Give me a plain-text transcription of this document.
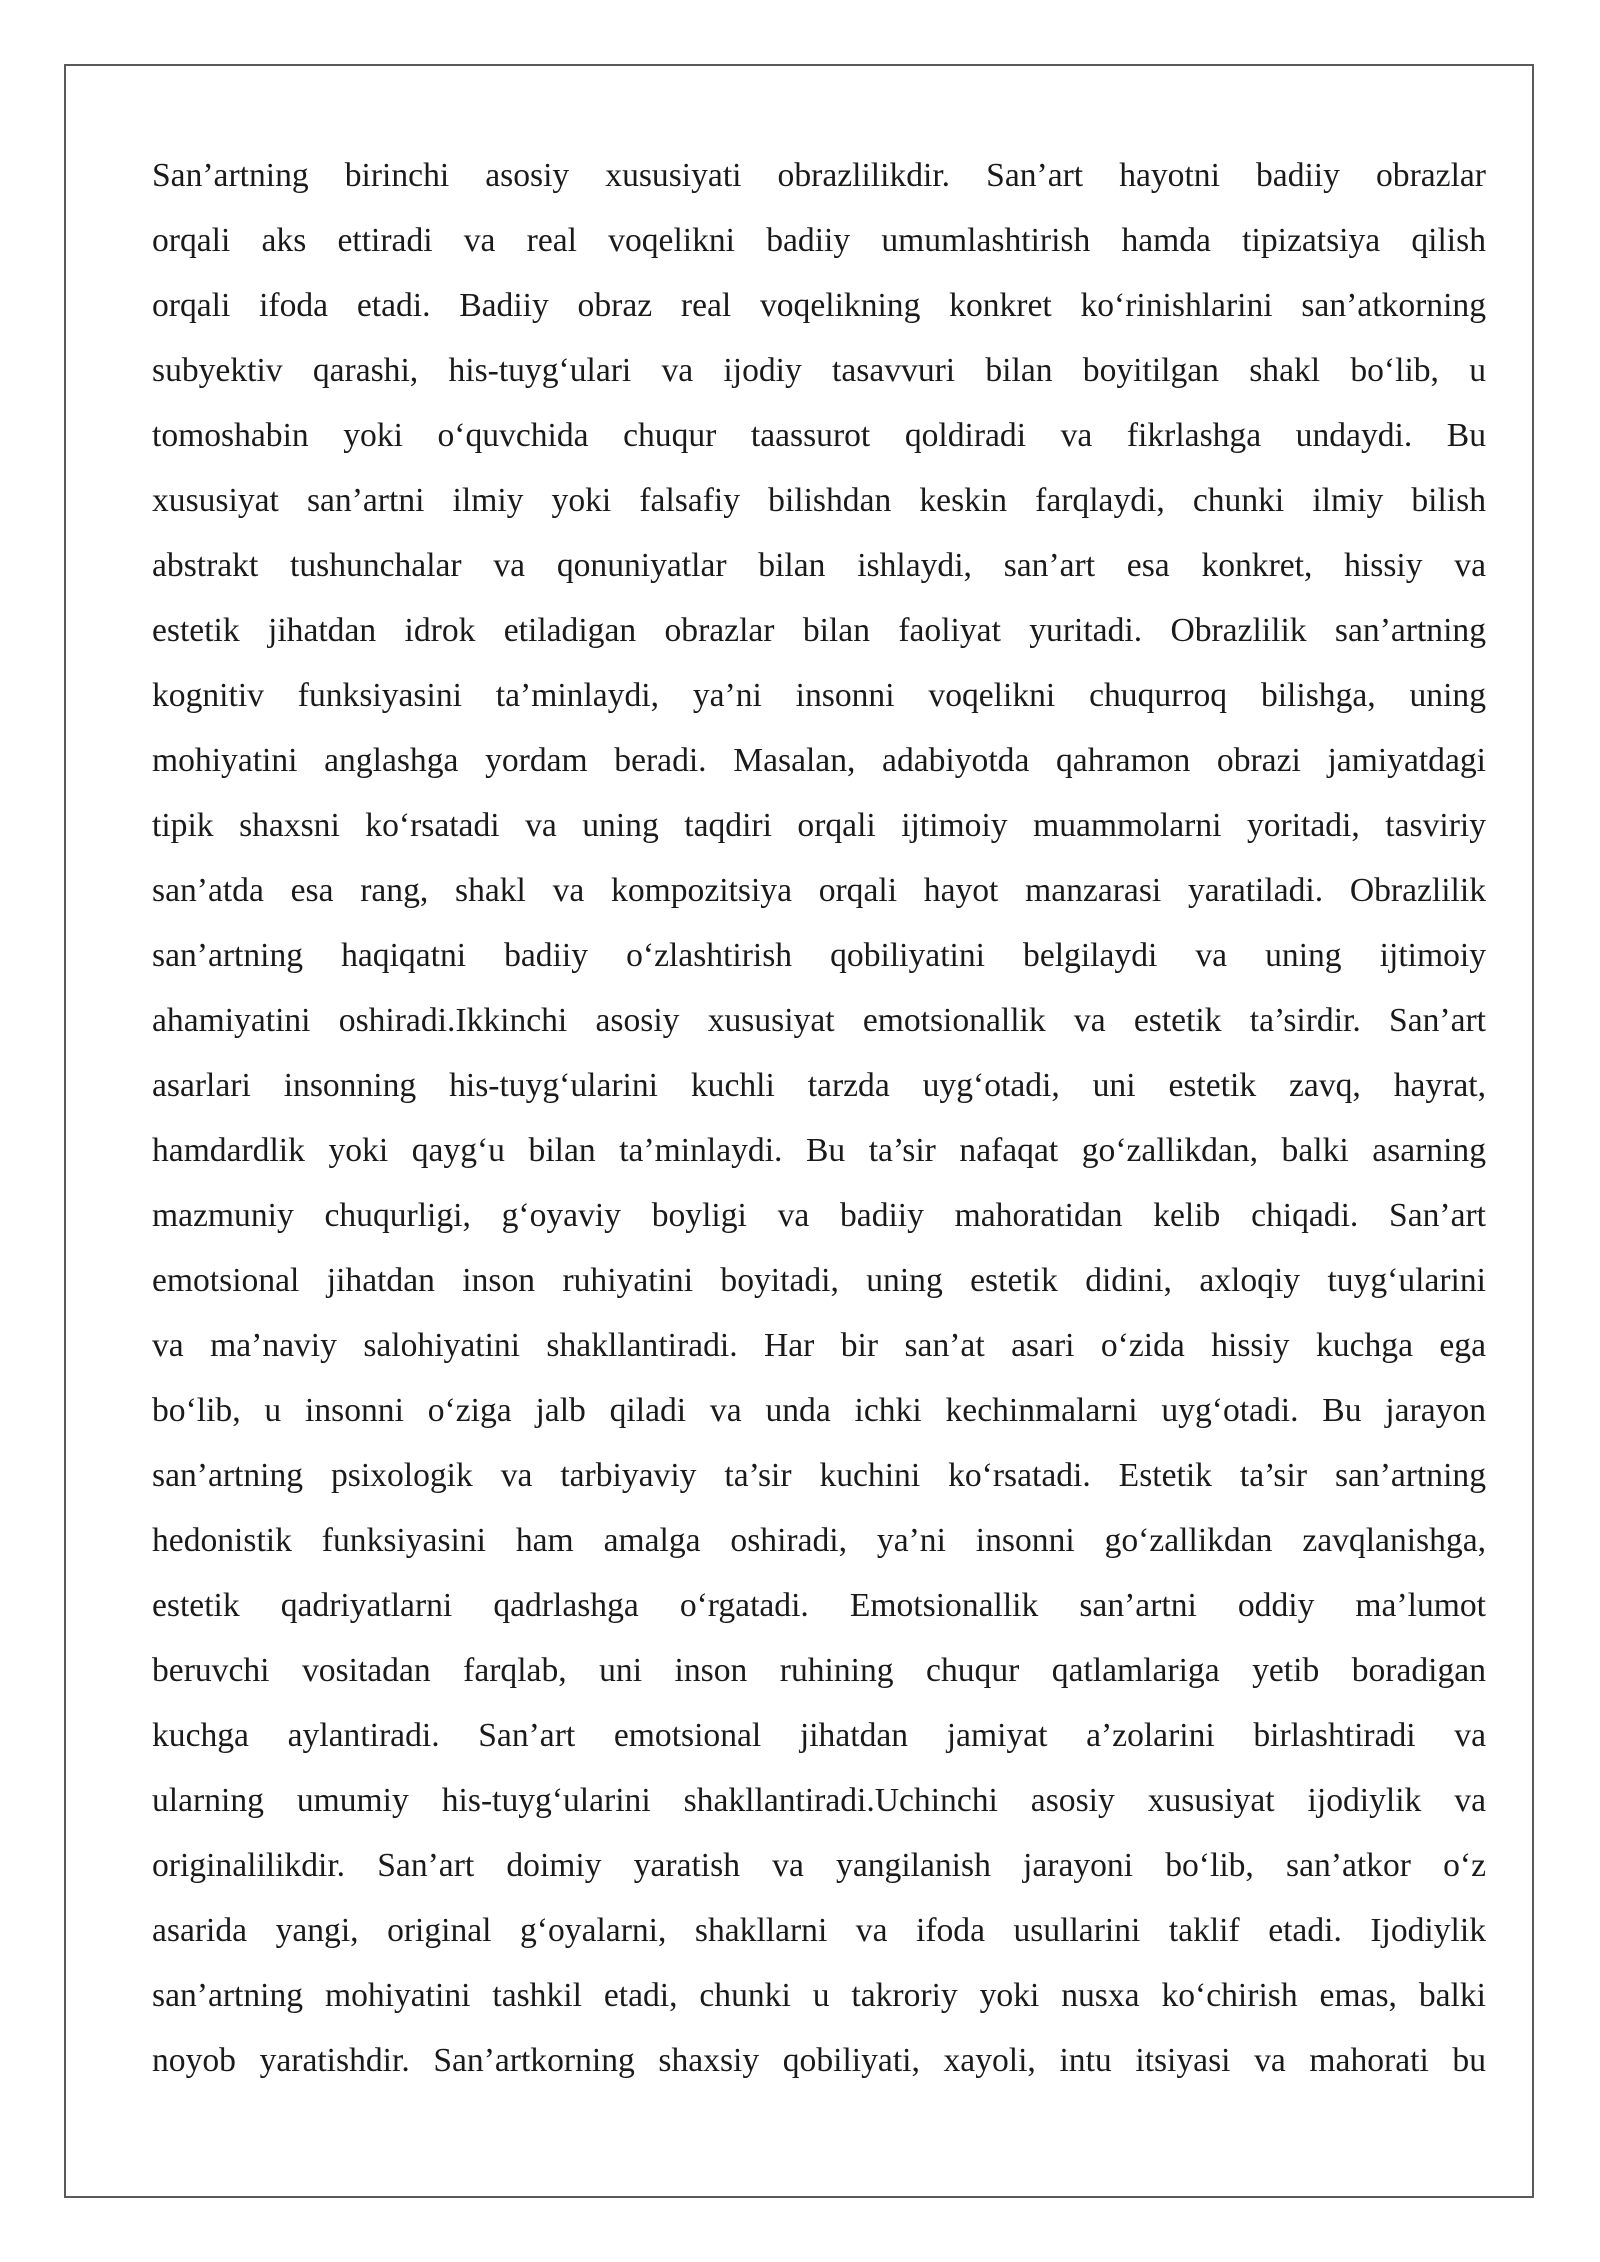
San’artning birinchi asosiy xususiyati obrazlilikdir. San’art hayotni badiiy obrazlar
orqali aks ettiradi va real voqelikni badiiy umumlashtirish hamda tipizatsiya qilish
orqali ifoda etadi. Badiiy obraz real voqelikning konkret koʻrinishlarini san’atkorning
subyektiv qarashi, his-tuygʻulari va ijodiy tasavvuri bilan boyitilgan shakl boʻlib, u
tomoshabin yoki oʻquvchida chuqur taassurot qoldiradi va fikrlashga undaydi. Bu
xususiyat san’artni ilmiy yoki falsafiy bilishdan keskin farqlaydi, chunki ilmiy bilish
abstrakt tushunchalar va qonuniyatlar bilan ishlaydi, san’art esa konkret, hissiy va
estetik jihatdan idrok etiladigan obrazlar bilan faoliyat yuritadi. Obrazlilik san’artning
kognitiv funksiyasini ta’minlaydi, ya’ni insonni voqelikni chuqurroq bilishga, uning
mohiyatini anglashga yordam beradi. Masalan, adabiyotda qahramon obrazi jamiyatdagi
tipik shaxsni koʻrsatadi va uning taqdiri orqali ijtimoiy muammolarni yoritadi, tasviriy
san’atda esa rang, shakl va kompozitsiya orqali hayot manzarasi yaratiladi. Obrazlilik
san’artning haqiqatni badiiy oʻzlashtirish qobiliyatini belgilaydi va uning ijtimoiy
ahamiyatini oshiradi.Ikkinchi asosiy xususiyat emotsionallik va estetik ta’sirdir. San’art
asarlari insonning his-tuygʻularini kuchli tarzda uygʻotadi, uni estetik zavq, hayrat,
hamdardlik yoki qaygʻu bilan ta’minlaydi. Bu ta’sir nafaqat goʻzallikdan, balki asarning
mazmuniy chuqurligi, gʻoyaviy boyligi va badiiy mahoratidan kelib chiqadi. San’art
emotsional jihatdan inson ruhiyatini boyitadi, uning estetik didini, axloqiy tuygʻularini
va ma’naviy salohiyatini shakllantiradi. Har bir san’at asari oʻzida hissiy kuchga ega
boʻlib, u insonni oʻziga jalb qiladi va unda ichki kechinmalarni uygʻotadi. Bu jarayon
san’artning psixologik va tarbiyaviy ta’sir kuchini koʻrsatadi. Estetik ta’sir san’artning
hedonistik funksiyasini ham amalga oshiradi, ya’ni insonni goʻzallikdan zavqlanishga,
estetik qadriyatlarni qadrlashga oʻrgatadi. Emotsionallik san’artni oddiy ma’lumot
beruvchi vositadan farqlab, uni inson ruhining chuqur qatlamlariga yetib boradigan
kuchga aylantiradi. San’art emotsional jihatdan jamiyat a’zolarini birlashtiradi va
ularning umumiy his-tuygʻularini shakllantiradi.Uchinchi asosiy xususiyat ijodiylik va
originalilikdir. San’art doimiy yaratish va yangilanish jarayoni boʻlib, san’atkor oʻz
asarida yangi, original gʻoyalarni, shakllarni va ifoda usullarini taklif etadi. Ijodiylik
san’artning mohiyatini tashkil etadi, chunki u takroriy yoki nusxa koʻchirish emas, balki
noyob yaratishdir. San’artkorning shaxsiy qobiliyati, xayoli, intu itsiyasi va mahorati bu
